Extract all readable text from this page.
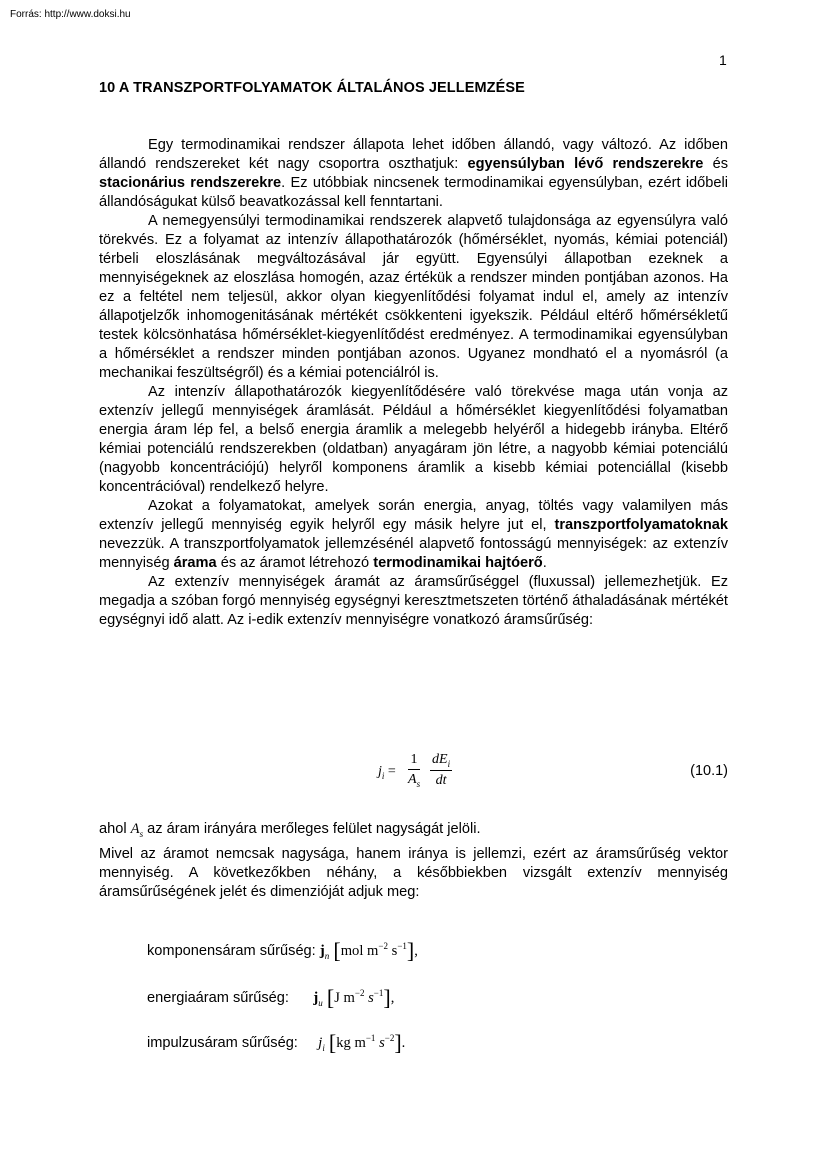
Forrás: http://www.doksi.hu
1
10 A TRANSZPORTFOLYAMATOK ÁLTALÁNOS JELLEMZÉSE

Egy termodinamikai rendszer állapota lehet időben állandó, vagy változó. Az időben állandó rendszereket két nagy csoportra oszthatjuk: egyensúlyban lévő rendszerekre és stacionárius rendszerekre. Ez utóbbiak nincsenek termodinamikai egyensúlyban, ezért időbeli állandóságukat külső beavatkozással kell fenntartani.

A nemegyensúlyi termodinamikai rendszerek alapvető tulajdonsága az egyensúlyra való törekvés. Ez a folyamat az intenzív állapothatározók (hőmérséklet, nyomás, kémiai potenciál) térbeli eloszlásának megváltozásával jár együtt. Egyensúlyi állapotban ezeknek a mennyiségeknek az eloszlása homogén, azaz értékük a rendszer minden pontjában azonos. Ha ez a feltétel nem teljesül, akkor olyan kiegyenlítődési folyamat indul el, amely az intenzív állapotjelzők inhomogenitásának mértékét csökkenteni igyekszik. Például eltérő hőmérsékletű testek kölcsönhatása hőmérséklet-kiegyenlítődést eredményez. A termodinamikai egyensúlyban a hőmérséklet a rendszer minden pontjában azonos. Ugyanez mondható el a nyomásról (a mechanikai feszültségről) és a kémiai potenciálról is.

Az intenzív állapothatározók kiegyenlítődésére való törekvése maga után vonja az extenzív jellegű mennyiségek áramlását. Például a hőmérséklet kiegyenlítődési folyamatban energia áram lép fel, a belső energia áramlik a melegebb helyéről a hidegebb irányba. Eltérő kémiai potenciálú rendszerekben (oldatban) anyagáram jön létre, a nagyobb kémiai potenciálú (nagyobb koncentrációjú) helyről komponens áramlik a kisebb kémiai potenciállal (kisebb koncentrációval) rendelkező helyre.

Azokat a folyamatokat, amelyek során energia, anyag, töltés vagy valamilyen más extenzív jellegű mennyiség egyik helyről egy másik helyre jut el, transzportfolyamatoknak nevezzük. A transzportfolyamatok jellemzésénél alapvető fontosságú mennyiségek: az extenzív mennyiség árama és az áramot létrehozó termodinamikai hajtóerő.

Az extenzív mennyiségek áramát az áramsűrűséggel (fluxussal) jellemezhetjük. Ez megadja a szóban forgó mennyiség egységnyi keresztmetszeten történő áthaladásának mértékét egységnyi idő alatt. Az i-edik extenzív mennyiségre vonatkozó áramsűrűség:

$j_i = \frac{1}{A_s} dE_i$
dt
(10.1)
ahol $A_s$ az áram irányára merőleges felület nagyságát jelöli.
Mivel az áramot nemcsak nagysága, hanem iránya is jellemzi, ezért az áramsűrűség vektor mennyiség. A következőkben néhány, a későbbiekben vizsgált extenzív mennyiség áramsűrűségének jelét és dimenzióját adjuk meg:
komponensáram sűrűség: $j_n$ [mol $m^{-2}$ $s^{-1}$],
energiaáram sűrűség: $j_u$ [J $m^{-2}$ $s^{-1}$],
impulzusáram sűrűség: $j_i$ [kg $m^{-1}$ $s^{-2}$].
